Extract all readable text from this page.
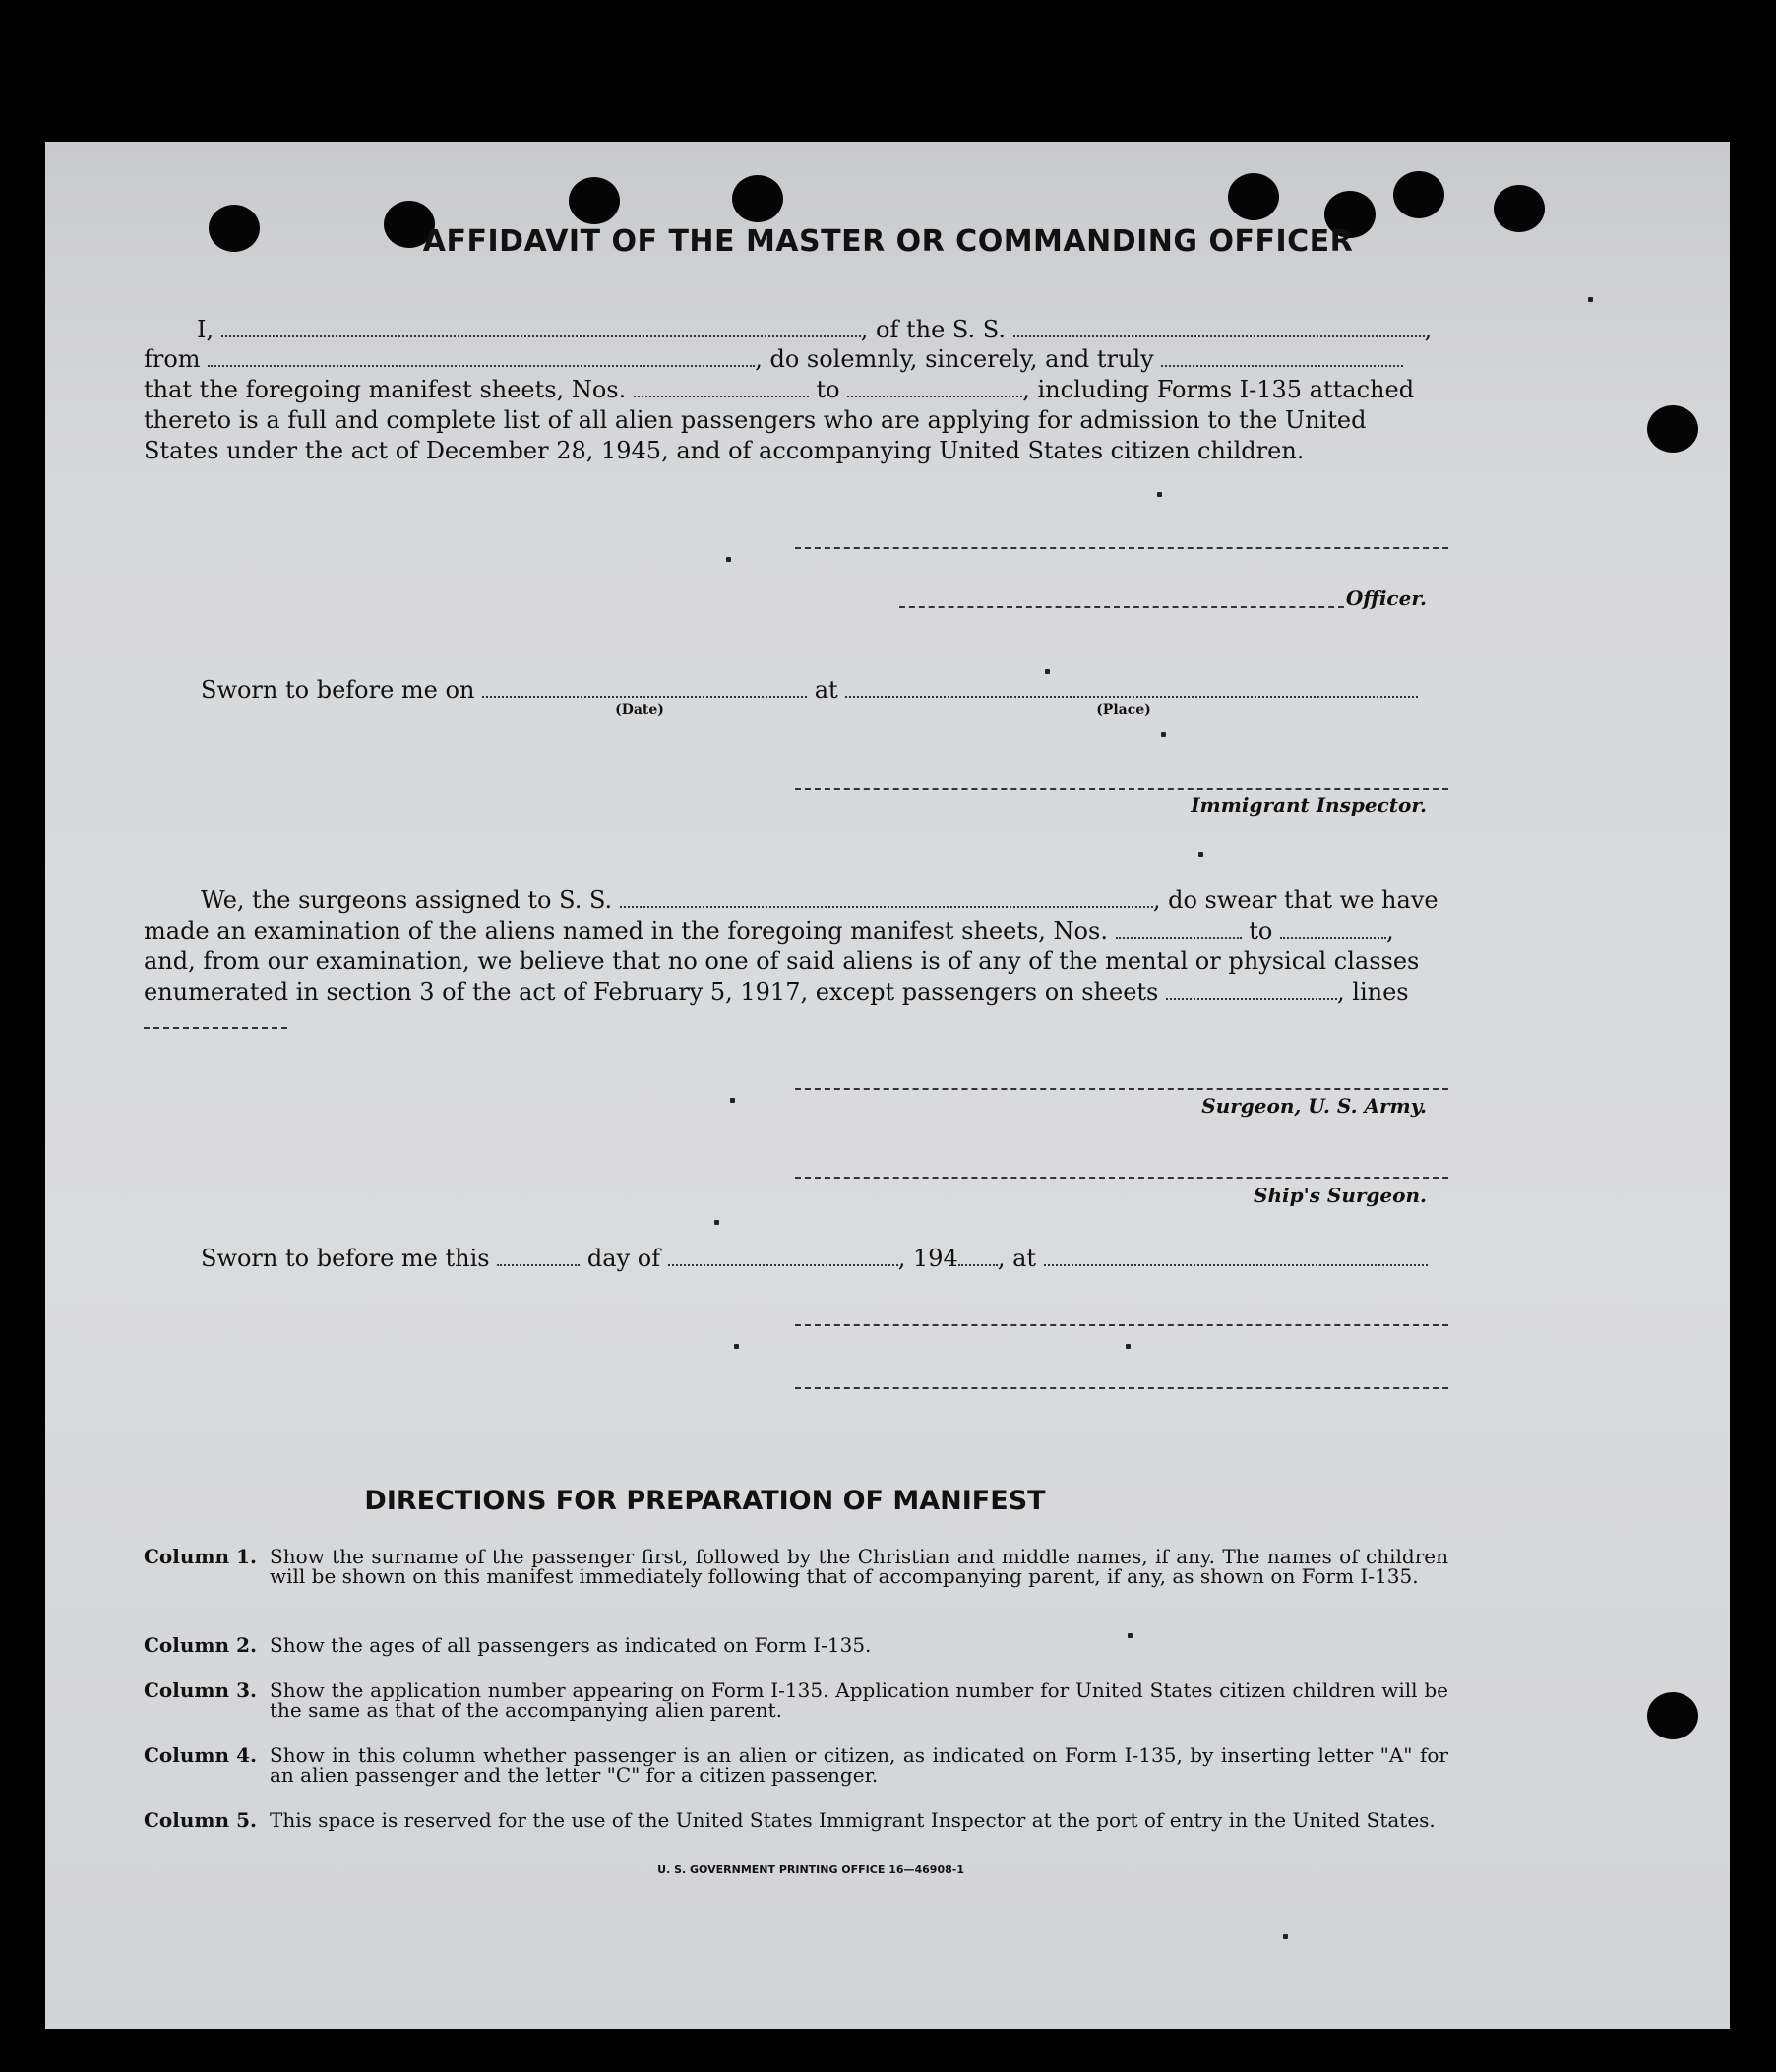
AFFIDAVIT OF THE MASTER OR COMMANDING OFFICER
I,	, of the S. S.	,
from	, do solemnly, sincerely, and truly
that the foregoing manifest sheets, Nos.	to	, including Forms I-135 attached
thereto is a full and complete list of all alien passengers who are applying for admission to the United
States under the act of December 28, 1945, and of accompanying United States citizen children.
Officer.
Sworn to before me on	at
(Date)	(Place)
Immigrant Inspector.
We, the surgeons assigned to S. S.	, do swear that we have
made an examination of the aliens named in the foregoing manifest sheets, Nos.	to	,
and, from our examination, we believe that no one of said aliens is of any of the mental or physical classes
enumerated in section 3 of the act of February 5, 1917, except passengers on sheets	, lines
Surgeon, U. S. Army.
Ship's Surgeon.
Sworn to before me this	day of	, 194 , at
DIRECTIONS FOR PREPARATION OF MANIFEST
Column 1. Show the surname of the passenger first, followed by the Christian and middle names, if any. The names of children will be shown on this manifest immediately following that of accompanying parent, if any, as shown on Form I-135.
Column 2. Show the ages of all passengers as indicated on Form I-135.
Column 3. Show the application number appearing on Form I-135. Application number for United States citizen children will be the same as that of the accompanying alien parent.
Column 4. Show in this column whether passenger is an alien or citizen, as indicated on Form I-135, by inserting letter "A" for an alien passenger and the letter "C" for a citizen passenger.
Column 5. This space is reserved for the use of the United States Immigrant Inspector at the port of entry in the United States.
U. S. GOVERNMENT PRINTING OFFICE 16—46908-1
